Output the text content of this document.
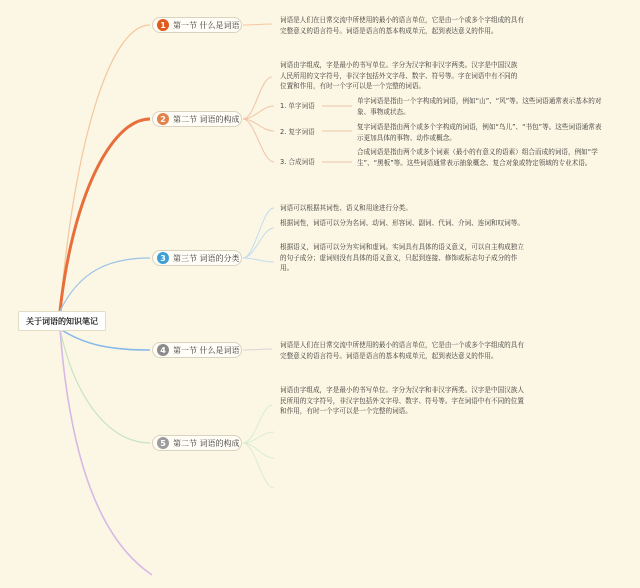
关于词语的知识笔记
1 第一节 什么是词语
词语是人们在日常交流中所使用的最小的语言单位，它是由一个或多个字组成的具有完整意义的语言符号。词语是语言的基本构成单元，起到表达意义的作用。
2 第二节 词语的构成
词语由字组成，字是最小的书写单位。字分为汉字和非汉字两类。汉字是中国汉族人民所用的文字符号，非汉字包括外文字母、数字、符号等。字在词语中有不同的位置和作用，有时一个字可以是一个完整的词语。
1. 单字词语
单字词语是指由一个字构成的词语，例如“山”、“风”等。这些词语通常表示基本的对象、事物或状态。
2. 复字词语
复字词语是指由两个或多个字构成的词语，例如“鸟儿”、“书包”等。这些词语通常表示更加具体的事物、动作或概念。
3. 合成词语
合成词语是指由两个或多个词素（最小的有意义的语素）组合而成的词语，例如“学生”、“黑板”等。这些词语通常表示抽象概念、复合对象或特定领域的专业术语。
3 第三节 词语的分类
词语可以根据其词性、语义和用途进行分类。
根据词性，词语可以分为名词、动词、形容词、副词、代词、介词、连词和叹词等。
根据语义，词语可以分为实词和虚词。实词具有具体的语义意义，可以自主构成独立的句子成分；虚词则没有具体的语义意义，只起到连接、修饰或标志句子成分的作用。
4 第一节 什么是词语
词语是人们在日常交流中所使用的最小的语言单位，它是由一个或多个字组成的具有完整意义的语言符号。词语是语言的基本构成单元，起到表达意义的作用。
5 第二节 词语的构成
词语由字组成，字是最小的书写单位。字分为汉字和非汉字两类。汉字是中国汉族人民所用的文字符号，非汉字包括外文字母、数字、符号等。字在词语中有不同的位置和作用，有时一个字可以是一个完整的词语。
